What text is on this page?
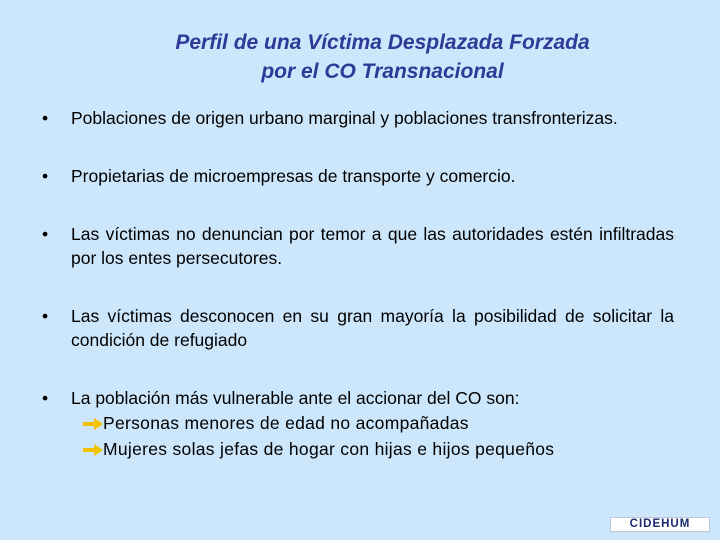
Perfil de una Víctima Desplazada Forzada
por el CO Transnacional
• Poblaciones de origen urbano marginal y poblaciones transfronterizas.
• Propietarias de microempresas de transporte y comercio.
• Las víctimas no denuncian por temor a que las autoridades estén infiltradas por los entes persecutores.
• Las víctimas desconocen en su gran mayoría la posibilidad de solicitar la condición de refugiado
• La población más vulnerable ante el accionar del CO son:
Personas menores de edad no acompañadas
Mujeres solas jefas de hogar con hijas e hijos pequeños
CIDEHUM
